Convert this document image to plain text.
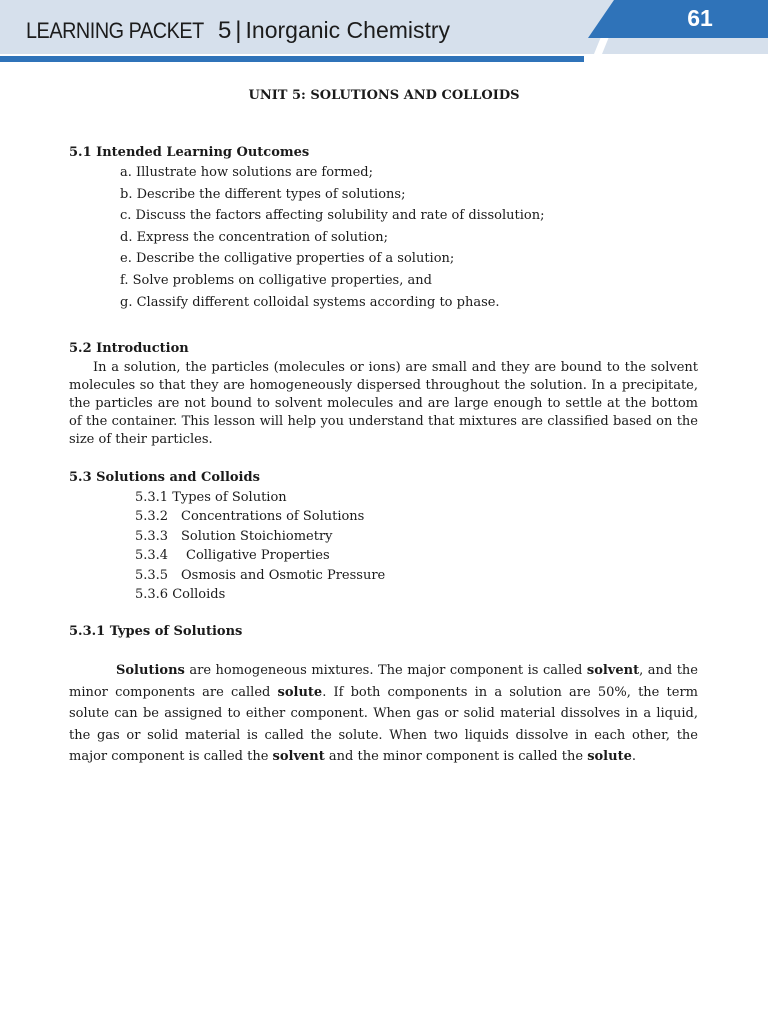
61
LEARNING PACKET 5 | Inorganic Chemistry
UNIT 5: SOLUTIONS AND COLLOIDS
5.1 Intended Learning Outcomes
a. Illustrate how solutions are formed;
b. Describe the different types of solutions;
c. Discuss the factors affecting solubility and rate of dissolution;
d. Express the concentration of solution;
e. Describe the colligative properties of a solution;
f. Solve problems on colligative properties, and
g. Classify different colloidal systems according to phase.
5.2 Introduction

In a solution, the particles (molecules or ions) are small and they are bound to the solvent molecules so that they are homogeneously dispersed throughout the solution. In a precipitate, the particles are not bound to solvent molecules and are large enough to settle at the bottom of the container. This lesson will help you understand that mixtures are classified based on the size of their particles.

5.3 Solutions and Colloids
5.3.1 Types of Solution
5.3.2 Concentrations of Solutions
5.3.3 Solution Stoichiometry
5.3.4 Colligative Properties
5.3.5 Osmosis and Osmotic Pressure
5.3.6 Colloids
5.3.1 Types of Solutions

Solutions are homogeneous mixtures. The major component is called solvent, and the minor components are called solute. If both components in a solution are 50%, the term solute can be assigned to either component. When gas or solid material dissolves in a liquid, the gas or solid material is called the solute. When two liquids dissolve in each other, the major component is called the solvent and the minor component is called the solute.
